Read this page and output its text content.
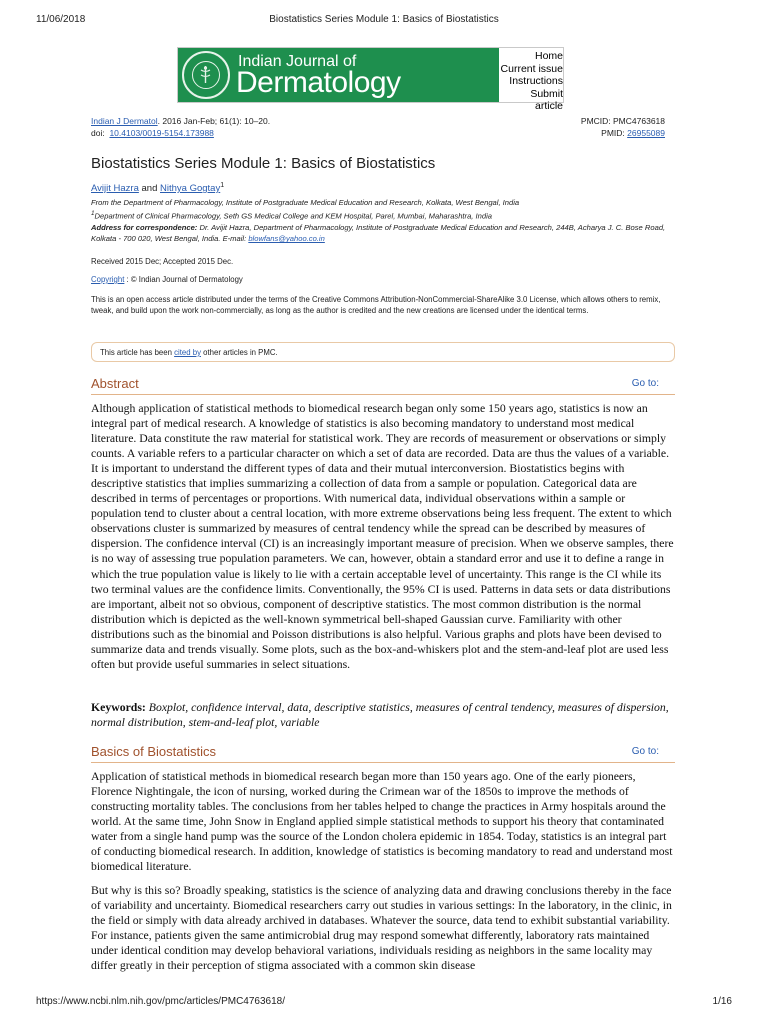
11/06/2018	Biostatistics Series Module 1: Basics of Biostatistics
Indian Journal of
Dermatology
Home
Current issue
Instructions
Submit article
Indian J Dermatol. 2016 Jan-Feb; 61(1): 10–20.
doi: 10.4103/0019-5154.173988
PMCID: PMC4763618
PMID: 26955089
Biostatistics Series Module 1: Basics of Biostatistics
Avijit Hazra and Nithya Gogtay$^1$
From the Department of Pharmacology, Institute of Postgraduate Medical Education and Research, Kolkata, West Bengal, India
$^1$Department of Clinical Pharmacology, Seth GS Medical College and KEM Hospital, Parel, Mumbai, Maharashtra, India
Address for correspondence: Dr. Avijit Hazra, Department of Pharmacology, Institute of Postgraduate Medical Education and Research, 244B, Acharya J. C. Bose Road, Kolkata - 700 020, West Bengal, India. E-mail: blowfans@yahoo.co.in
Received 2015 Dec; Accepted 2015 Dec.
Copyright : © Indian Journal of Dermatology
This is an open access article distributed under the terms of the Creative Commons Attribution-NonCommercial-ShareAlike 3.0 License, which allows others to remix, tweak, and build upon the work non-commercially, as long as the author is credited and the new creations are licensed under the identical terms.
This article has been cited by other articles in PMC.
Abstract	Go to:
Although application of statistical methods to biomedical research began only some 150 years ago, statistics is now an integral part of medical research. A knowledge of statistics is also becoming mandatory to understand most medical literature. Data constitute the raw material for statistical work. They are records of measurement or observations or simply counts. A variable refers to a particular character on which a set of data are recorded. Data are thus the values of a variable. It is important to understand the different types of data and their mutual interconversion. Biostatistics begins with descriptive statistics that implies summarizing a collection of data from a sample or population. Categorical data are described in terms of percentages or proportions. With numerical data, individual observations within a sample or population tend to cluster about a central location, with more extreme observations being less frequent. The extent to which observations cluster is summarized by measures of central tendency while the spread can be described by measures of dispersion. The confidence interval (CI) is an increasingly important measure of precision. When we observe samples, there is no way of assessing true population parameters. We can, however, obtain a standard error and use it to define a range in which the true population value is likely to lie with a certain acceptable level of uncertainty. This range is the CI while its two terminal values are the confidence limits. Conventionally, the 95% CI is used. Patterns in data sets or data distributions are important, albeit not so obvious, component of descriptive statistics. The most common distribution is the normal distribution which is depicted as the well-known symmetrical bell-shaped Gaussian curve. Familiarity with other distributions such as the binomial and Poisson distributions is also helpful. Various graphs and plots have been devised to summarize data and trends visually. Some plots, such as the box-and-whiskers plot and the stem-and-leaf plot are used less often but provide useful summaries in select situations.
Keywords: Boxplot, confidence interval, data, descriptive statistics, measures of central tendency, measures of dispersion, normal distribution, stem-and-leaf plot, variable
Basics of Biostatistics	Go to:
Application of statistical methods in biomedical research began more than 150 years ago. One of the early pioneers, Florence Nightingale, the icon of nursing, worked during the Crimean war of the 1850s to improve the methods of constructing mortality tables. The conclusions from her tables helped to change the practices in Army hospitals around the world. At the same time, John Snow in England applied simple statistical methods to support his theory that contaminated water from a single hand pump was the source of the London cholera epidemic in 1854. Today, statistics is an integral part of conducting biomedical research. In addition, knowledge of statistics is becoming mandatory to read and understand most biomedical literature.
But why is this so? Broadly speaking, statistics is the science of analyzing data and drawing conclusions thereby in the face of variability and uncertainty. Biomedical researchers carry out studies in various settings: In the laboratory, in the clinic, in the field or simply with data already archived in databases. Whatever the source, data tend to exhibit substantial variability. For instance, patients given the same antimicrobial drug may respond somewhat differently, laboratory rats maintained under identical condition may develop behavioral variations, individuals residing as neighbors in the same locality may differ greatly in their perception of stigma associated with a common skin disease
https://www.ncbi.nlm.nih.gov/pmc/articles/PMC4763618/	1/16
